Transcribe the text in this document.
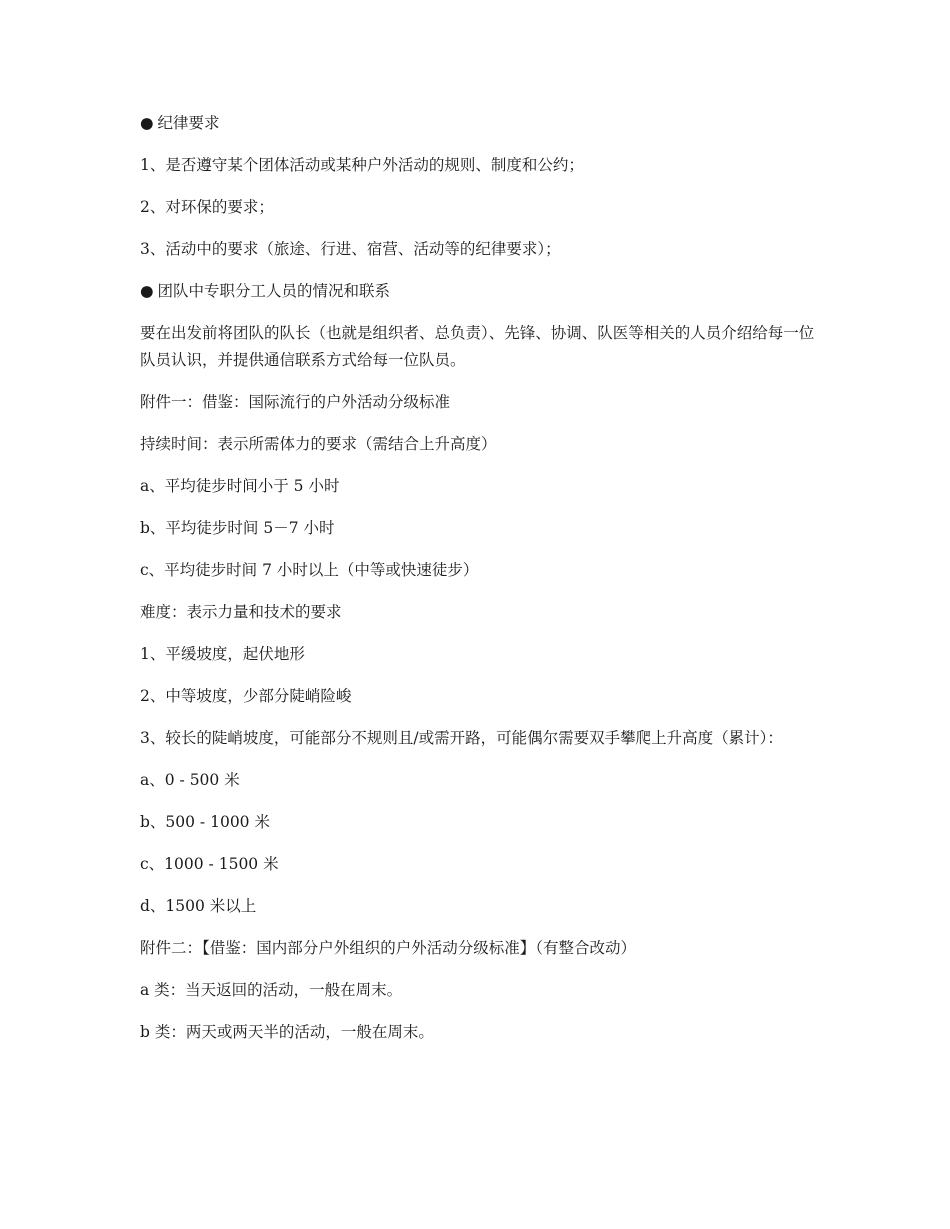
● 纪律要求

1、是否遵守某个团体活动或某种户外活动的规则、制度和公约；

2、对环保的要求；

3、活动中的要求（旅途、行进、宿营、活动等的纪律要求）；

● 团队中专职分工人员的情况和联系

要在出发前将团队的队长（也就是组织者、总负责）、先锋、协调、队医等相关的人员介绍给每一位队员认识，并提供通信联系方式给每一位队员。

附件一：借鉴：国际流行的户外活动分级标准

持续时间：表示所需体力的要求（需结合上升高度）

a、平均徒步时间小于 5 小时

b、平均徒步时间 5－7 小时

c、平均徒步时间 7 小时以上（中等或快速徒步）

难度：表示力量和技术的要求

1、平缓坡度，起伏地形

2、中等坡度，少部分陡峭险峻

3、较长的陡峭坡度，可能部分不规则且/或需开路，可能偶尔需要双手攀爬上升高度（累计）：

a、0 - 500 米

b、500 - 1000 米

c、1000 - 1500 米

d、1500 米以上

附件二：【借鉴：国内部分户外组织的户外活动分级标准】（有整合改动）

a 类：当天返回的活动，一般在周末。

b 类：两天或两天半的活动，一般在周末。
